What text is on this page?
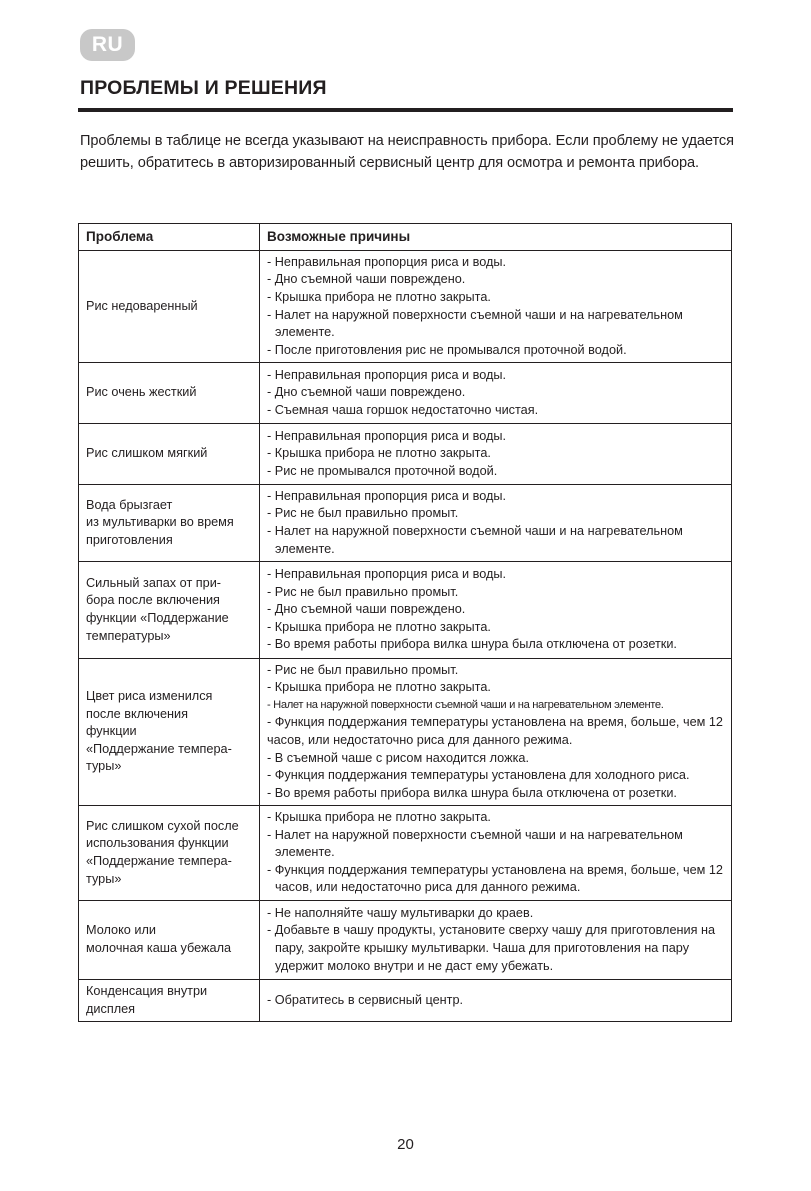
RU
ПРОБЛЕМЫ И РЕШЕНИЯ

Проблемы в таблице не всегда указывают на неисправность прибора. Если проблему не удается решить, обратитесь в авторизированный сервисный центр для осмотра и ремонта прибора.

Проблема	Возможные причины

Рис недоваренный	- Неправильная пропорция риса и воды.
- Дно съемной чаши повреждено.
- Крышка прибора не плотно закрыта.
- Налет на наружной поверхности съемной чаши и на нагревательном элементе.
- После приготовления рис не промывался проточной водой.

Рис очень жесткий	- Неправильная пропорция риса и воды.
- Дно съемной чаши повреждено.
- Съемная чаша горшок недостаточно чистая.

Рис слишком мягкий	- Неправильная пропорция риса и воды.
- Крышка прибора не плотно закрыта.
- Рис не промывался проточной водой.

Вода брызгает
из мультиварки во время
приготовления	- Неправильная пропорция риса и воды.
- Рис не был правильно промыт.
- Налет на наружной поверхности съемной чаши и на нагревательном элементе.

Сильный запах от при-
бора после включения
функции «Поддержание
температуры»	- Неправильная пропорция риса и воды.
- Рис не был правильно промыт.
- Дно съемной чаши повреждено.
- Крышка прибора не плотно закрыта.
- Во время работы прибора вилка шнура была отключена от розетки.

Цвет риса изменился
после включения
функции
«Поддержание темпера-
туры»

- Рис не был правильно промыт.
- Крышка прибора не плотно закрыта.
- Налет на наружной поверхности съемной чаши и на нагревательном элементе.
- Функция поддержания температуры установлена на время, больше, чем 12 часов, или недостаточно риса для данного режима.
- В съемной чаше с рисом находится ложка.
- Функция поддержания температуры установлена для холодного риса.
- Во время работы прибора вилка шнура была отключена от розетки.

Рис слишком сухой после
использования функции
«Поддержание темпера-
туры»

- Крышка прибора не плотно закрыта.
- Налет на наружной поверхности съемной чаши и на нагревательном элементе.
- Функция поддержания температуры установлена на время, больше, чем 12 часов, или недостаточно риса для данного режима.

Молоко или
молочная каша убежала	- Не наполняйте чашу мультиварки до краев.
- Добавьте в чашу продукты, установите сверху чашу для приготовления на пару, закройте крышку мультиварки. Чаша для приготовления на пару удержит молоко внутри и не даст ему убежать.

Конденсация внутри
дисплея	- Обратитесь в сервисный центр.
20
